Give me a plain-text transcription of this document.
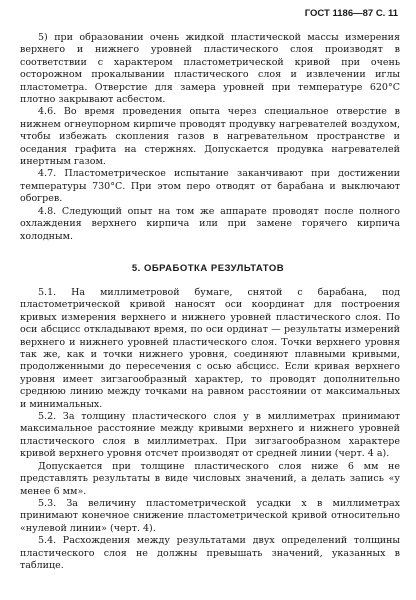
ГОСТ 1186—87 С. 11

5) при образовании очень жидкой пластической массы измерения верхнего и нижнего уровней пластического слоя производят в соответствии с характером пластометрической кривой при очень осторожном прокалывании пластического слоя и извлечении иглы пластометра. Отверстие для замера уровней при температуре 620°С плотно закрывают асбестом.

4.6. Во время проведения опыта через специальное отверстие в нижнем огнеупорном кирпиче проводят продувку нагревателей воздухом, чтобы избежать скопления газов в нагревательном пространстве и оседания графита на стержнях. Допускается продувка нагревателей инертным газом.

4.7. Пластометрическое испытание заканчивают при достижении температуры 730°С. При этом перо отводят от барабана и выключают обогрев.

4.8. Следующий опыт на том же аппарате проводят после полного охлаждения верхнего кирпича или при замене горячего кирпича холодным.

5. ОБРАБОТКА РЕЗУЛЬТАТОВ

5.1. На миллиметровой бумаге, снятой с барабана, под пластометрической кривой наносят оси координат для построения кривых измерения верхнего и нижнего уровней пластического слоя. По оси абсцисс откладывают время, по оси ординат — результаты измерений верхнего и нижнего уровней пластического слоя. Точки верхнего уровня так же, как и точки нижнего уровня, соединяют плавными кривыми, продолженными до пересечения с осью абсцисс. Если кривая верхнего уровня имеет зигзагообразный характер, то проводят дополнительно среднюю линию между точками на равном расстоянии от максимальных и минимальных.

5.2. За толщину пластического слоя у в миллиметрах принимают максимальное расстояние между кривыми верхнего и нижнего уровней пластического слоя в миллиметрах. При зигзагообразном характере кривой верхнего уровня отсчет производят от средней линии (черт. 4 а).

Допускается при толщине пластического слоя ниже 6 мм не представлять результаты в виде числовых значений, а делать запись «у менее 6 мм».

5.3. За величину пластометрической усадки x в миллиметрах принимают конечное снижение пластометрической кривой относительно «нулевой линии» (черт. 4).

5.4. Расхождения между результатами двух определений толщины пластического слоя не должны превышать значений, указанных в таблице.
